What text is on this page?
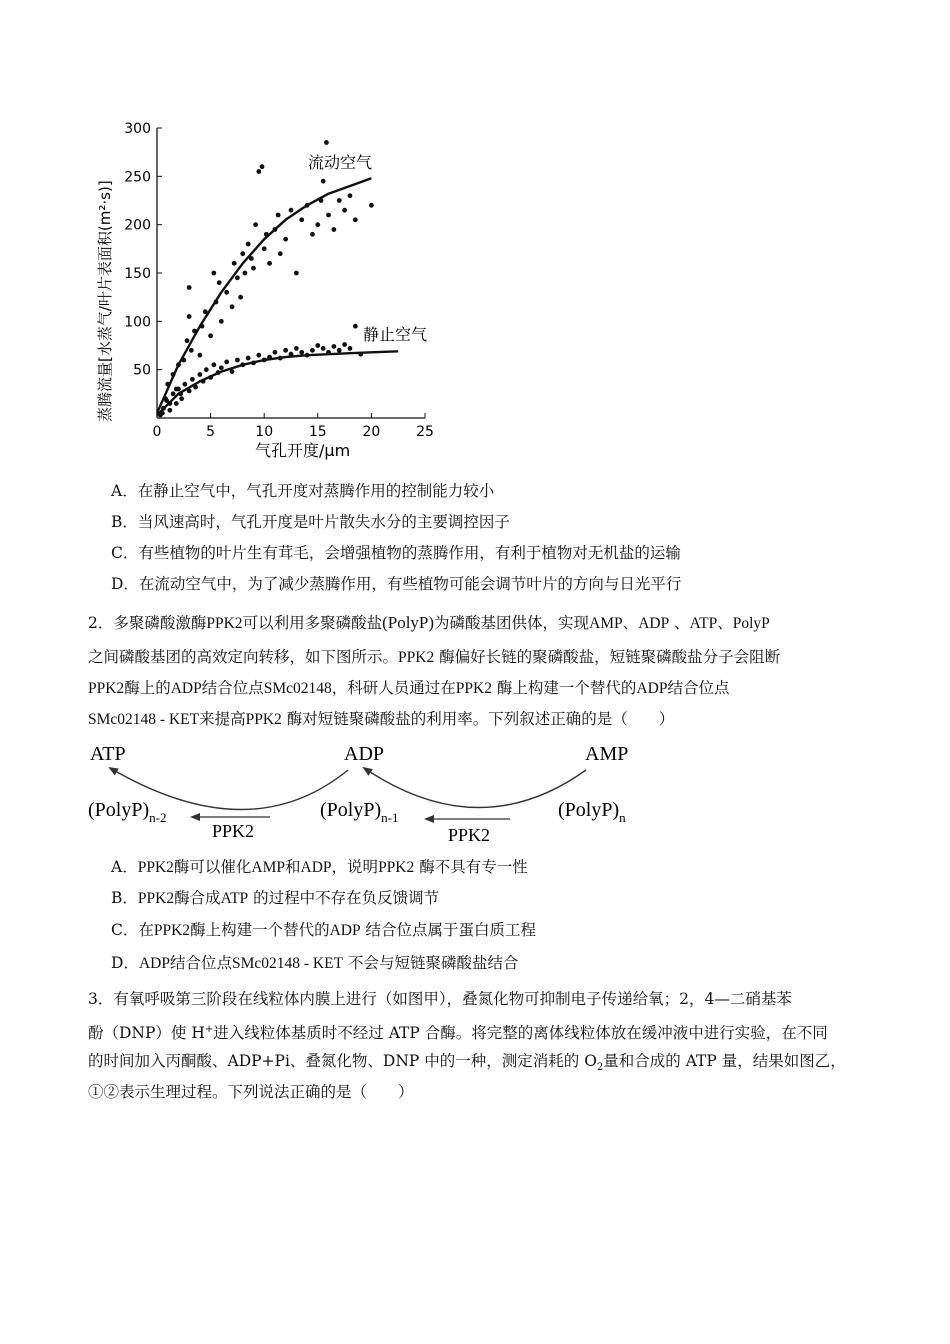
300
250
200
150
100
50
0	5	10	15	20	25
流动空气
静止空气
气孔开度/μm
蒸腾流量[水蒸气/叶片表面积(m²·s)]
A．在静止空气中，气孔开度对蒸腾作用的控制能力较小
B．当风速高时，气孔开度是叶片散失水分的主要调控因子
C．有些植物的叶片生有茸毛，会增强植物的蒸腾作用，有利于植物对无机盐的运输
D．在流动空气中，为了减少蒸腾作用，有些植物可能会调节叶片的方向与日光平行
2．多聚磷酸激酶PPK2可以利用多聚磷酸盐(PolyP)为磷酸基团供体，实现AMP、ADP 、ATP、PolyP
之间磷酸基团的高效定向转移，如下图所示。PPK2 酶偏好长链的聚磷酸盐，短链聚磷酸盐分子会阻断
PPK2酶上的ADP结合位点SMc02148，科研人员通过在PPK2 酶上构建一个替代的ADP结合位点
SMc02148 - KET来提高PPK2 酶对短链聚磷酸盐的利用率。下列叙述正确的是（　　）
ATP	ADP	AMP
$(PolyP)_{n-2}$	$(PolyP)_{n-1}$	$(PolyP)_n$
PPK2	PPK2
A．PPK2酶可以催化AMP和ADP，说明PPK2 酶不具有专一性
B．PPK2酶合成ATP 的过程中不存在负反馈调节
C．在PPK2酶上构建一个替代的ADP 结合位点属于蛋白质工程
D．ADP结合位点SMc02148 - KET 不会与短链聚磷酸盐结合
3．有氧呼吸第三阶段在线粒体内膜上进行（如图甲），叠氮化物可抑制电子传递给氧；2，4—二硝基苯
酚（DNP）使 H+进入线粒体基质时不经过 ATP 合酶。将完整的离体线粒体放在缓冲液中进行实验，在不同
的时间加入丙酮酸、ADP+Pi、叠氮化物、DNP 中的一种，测定消耗的 $O_2$量和合成的 ATP 量，结果如图乙，
①②表示生理过程。下列说法正确的是（　　）
